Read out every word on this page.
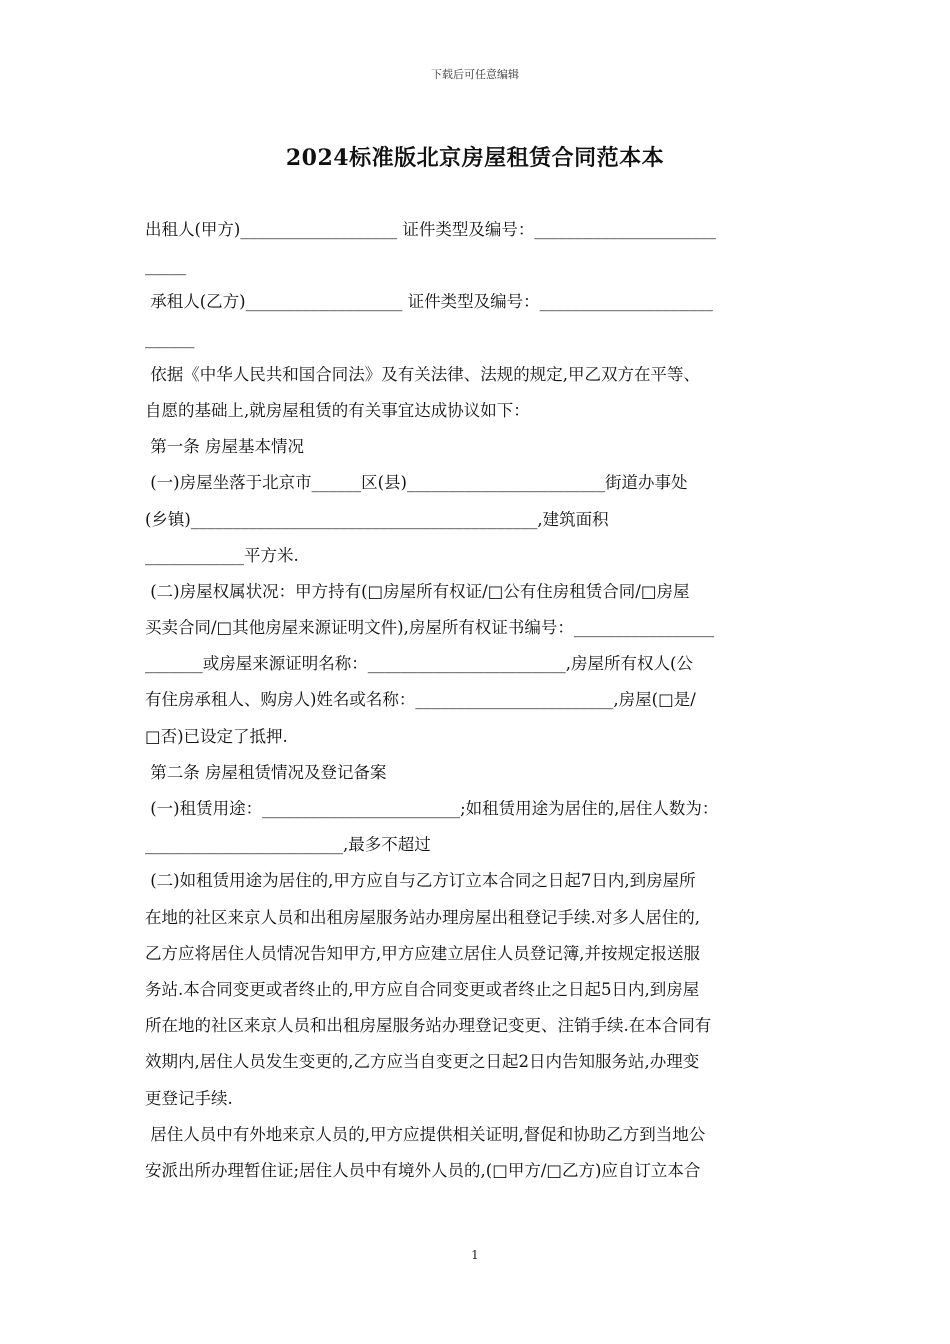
下载后可任意编辑
2024标准版北京房屋租赁合同范本本
出租人(甲方)___________________ 证件类型及编号：______________________
_____
承租人(乙方)___________________ 证件类型及编号：_____________________
______
依据《中华人民共和国合同法》及有关法律、法规的规定,甲乙双方在平等、
自愿的基础上,就房屋租赁的有关事宜达成协议如下：
第一条 房屋基本情况
(一)房屋坐落于北京市______区(县)________________________街道办事处
(乡镇)__________________________________________,建筑面积
____________平方米.
(二)房屋权属状况：甲方持有(□房屋所有权证/□公有住房租赁合同/□房屋
买卖合同/□其他房屋来源证明文件),房屋所有权证书编号：_________________
_______或房屋来源证明名称：________________________,房屋所有权人(公
有住房承租人、购房人)姓名或名称：________________________,房屋(□是/
□否)已设定了抵押.
第二条 房屋租赁情况及登记备案
(一)租赁用途：________________________;如租赁用途为居住的,居住人数为：
________________________,最多不超过
(二)如租赁用途为居住的,甲方应自与乙方订立本合同之日起7日内,到房屋所
在地的社区来京人员和出租房屋服务站办理房屋出租登记手续.对多人居住的,
乙方应将居住人员情况告知甲方,甲方应建立居住人员登记簿,并按规定报送服
务站.本合同变更或者终止的,甲方应自合同变更或者终止之日起5日内,到房屋
所在地的社区来京人员和出租房屋服务站办理登记变更、注销手续.在本合同有
效期内,居住人员发生变更的,乙方应当自变更之日起2日内告知服务站,办理变
更登记手续.
居住人员中有外地来京人员的,甲方应提供相关证明,督促和协助乙方到当地公
安派出所办理暂住证;居住人员中有境外人员的,(□甲方/□乙方)应自订立本合
1
